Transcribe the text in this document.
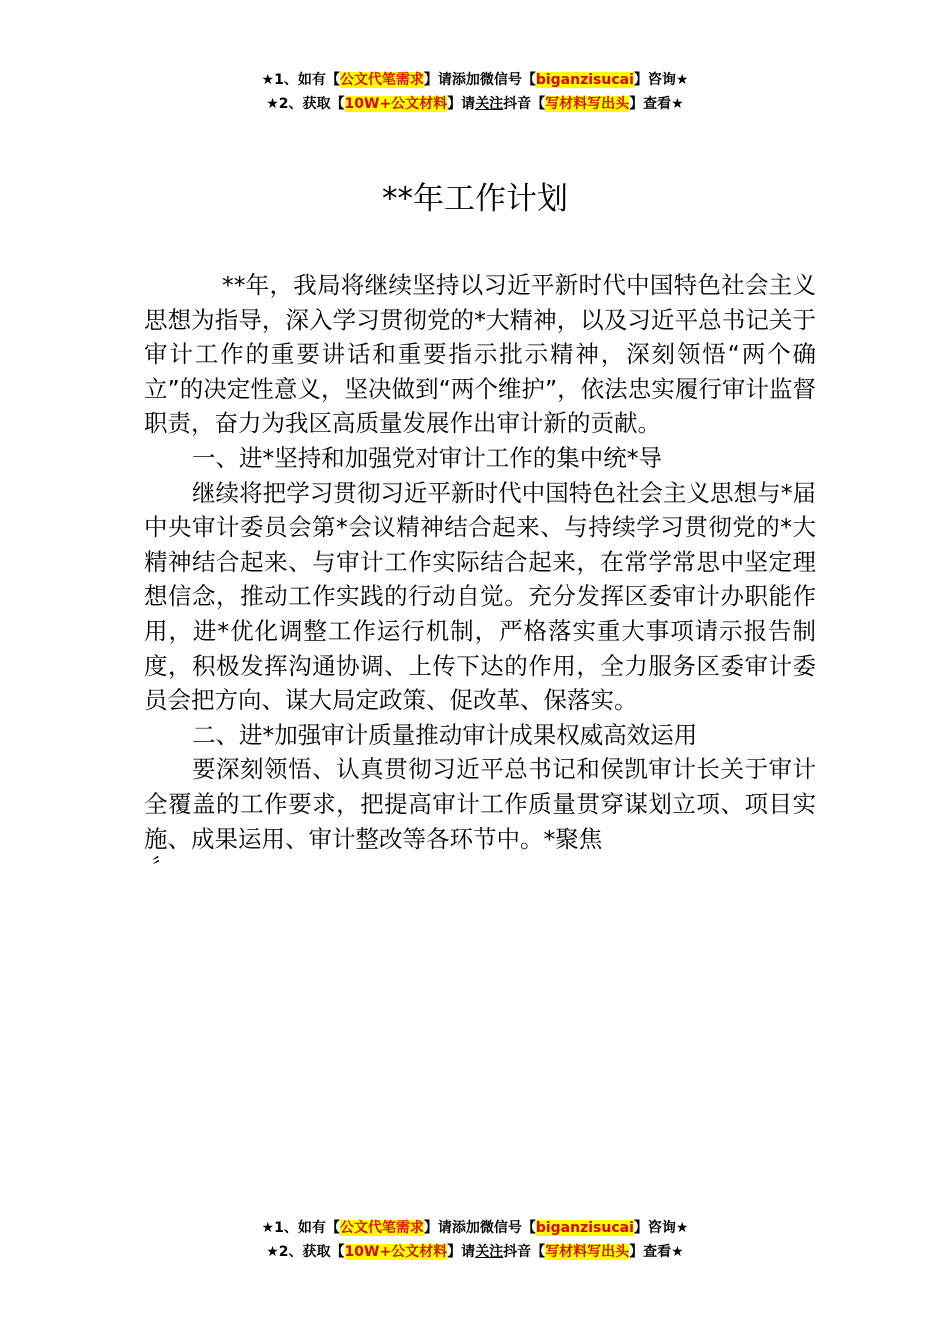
★1、如有【公文代笔需求】请添加微信号【biganzisucai】咨询★
★2、获取【10W+公文材料】请关注抖音【写材料写出头】查看★
**年工作计划

**年，我局将继续坚持以习近平新时代中国特色社会主义思想为指导，深入学习贯彻党的*大精神，以及习近平总书记关于审计工作的重要讲话和重要指示批示精神，深刻领悟“两个确立”的决定性意义，坚决做到“两个维护”，依法忠实履行审计监督职责，奋力为我区高质量发展作出审计新的贡献。

一、进*坚持和加强党对审计工作的集中统*导

继续将把学习贯彻习近平新时代中国特色社会主义思想与*届中央审计委员会第*会议精神结合起来、与持续学习贯彻党的*大精神结合起来、与审计工作实际结合起来，在常学常思中坚定理想信念，推动工作实践的行动自觉。充分发挥区委审计办职能作用，进*优化调整工作运行机制，严格落实重大事项请示报告制度，积极发挥沟通协调、上传下达的作用，全力服务区委审计委员会把方向、谋大局定政策、促改革、保落实。

二、进*加强审计质量推动审计成果权威高效运用

要深刻领悟、认真贯彻习近平总书记和侯凯审计长关于审计全覆盖的工作要求，把提高审计工作质量贯穿谋划立项、项目实施、成果运用、审计整改等各环节中。*聚焦

〞
★1、如有【公文代笔需求】请添加微信号【biganzisucai】咨询★
★2、获取【10W+公文材料】请关注抖音【写材料写出头】查看★
